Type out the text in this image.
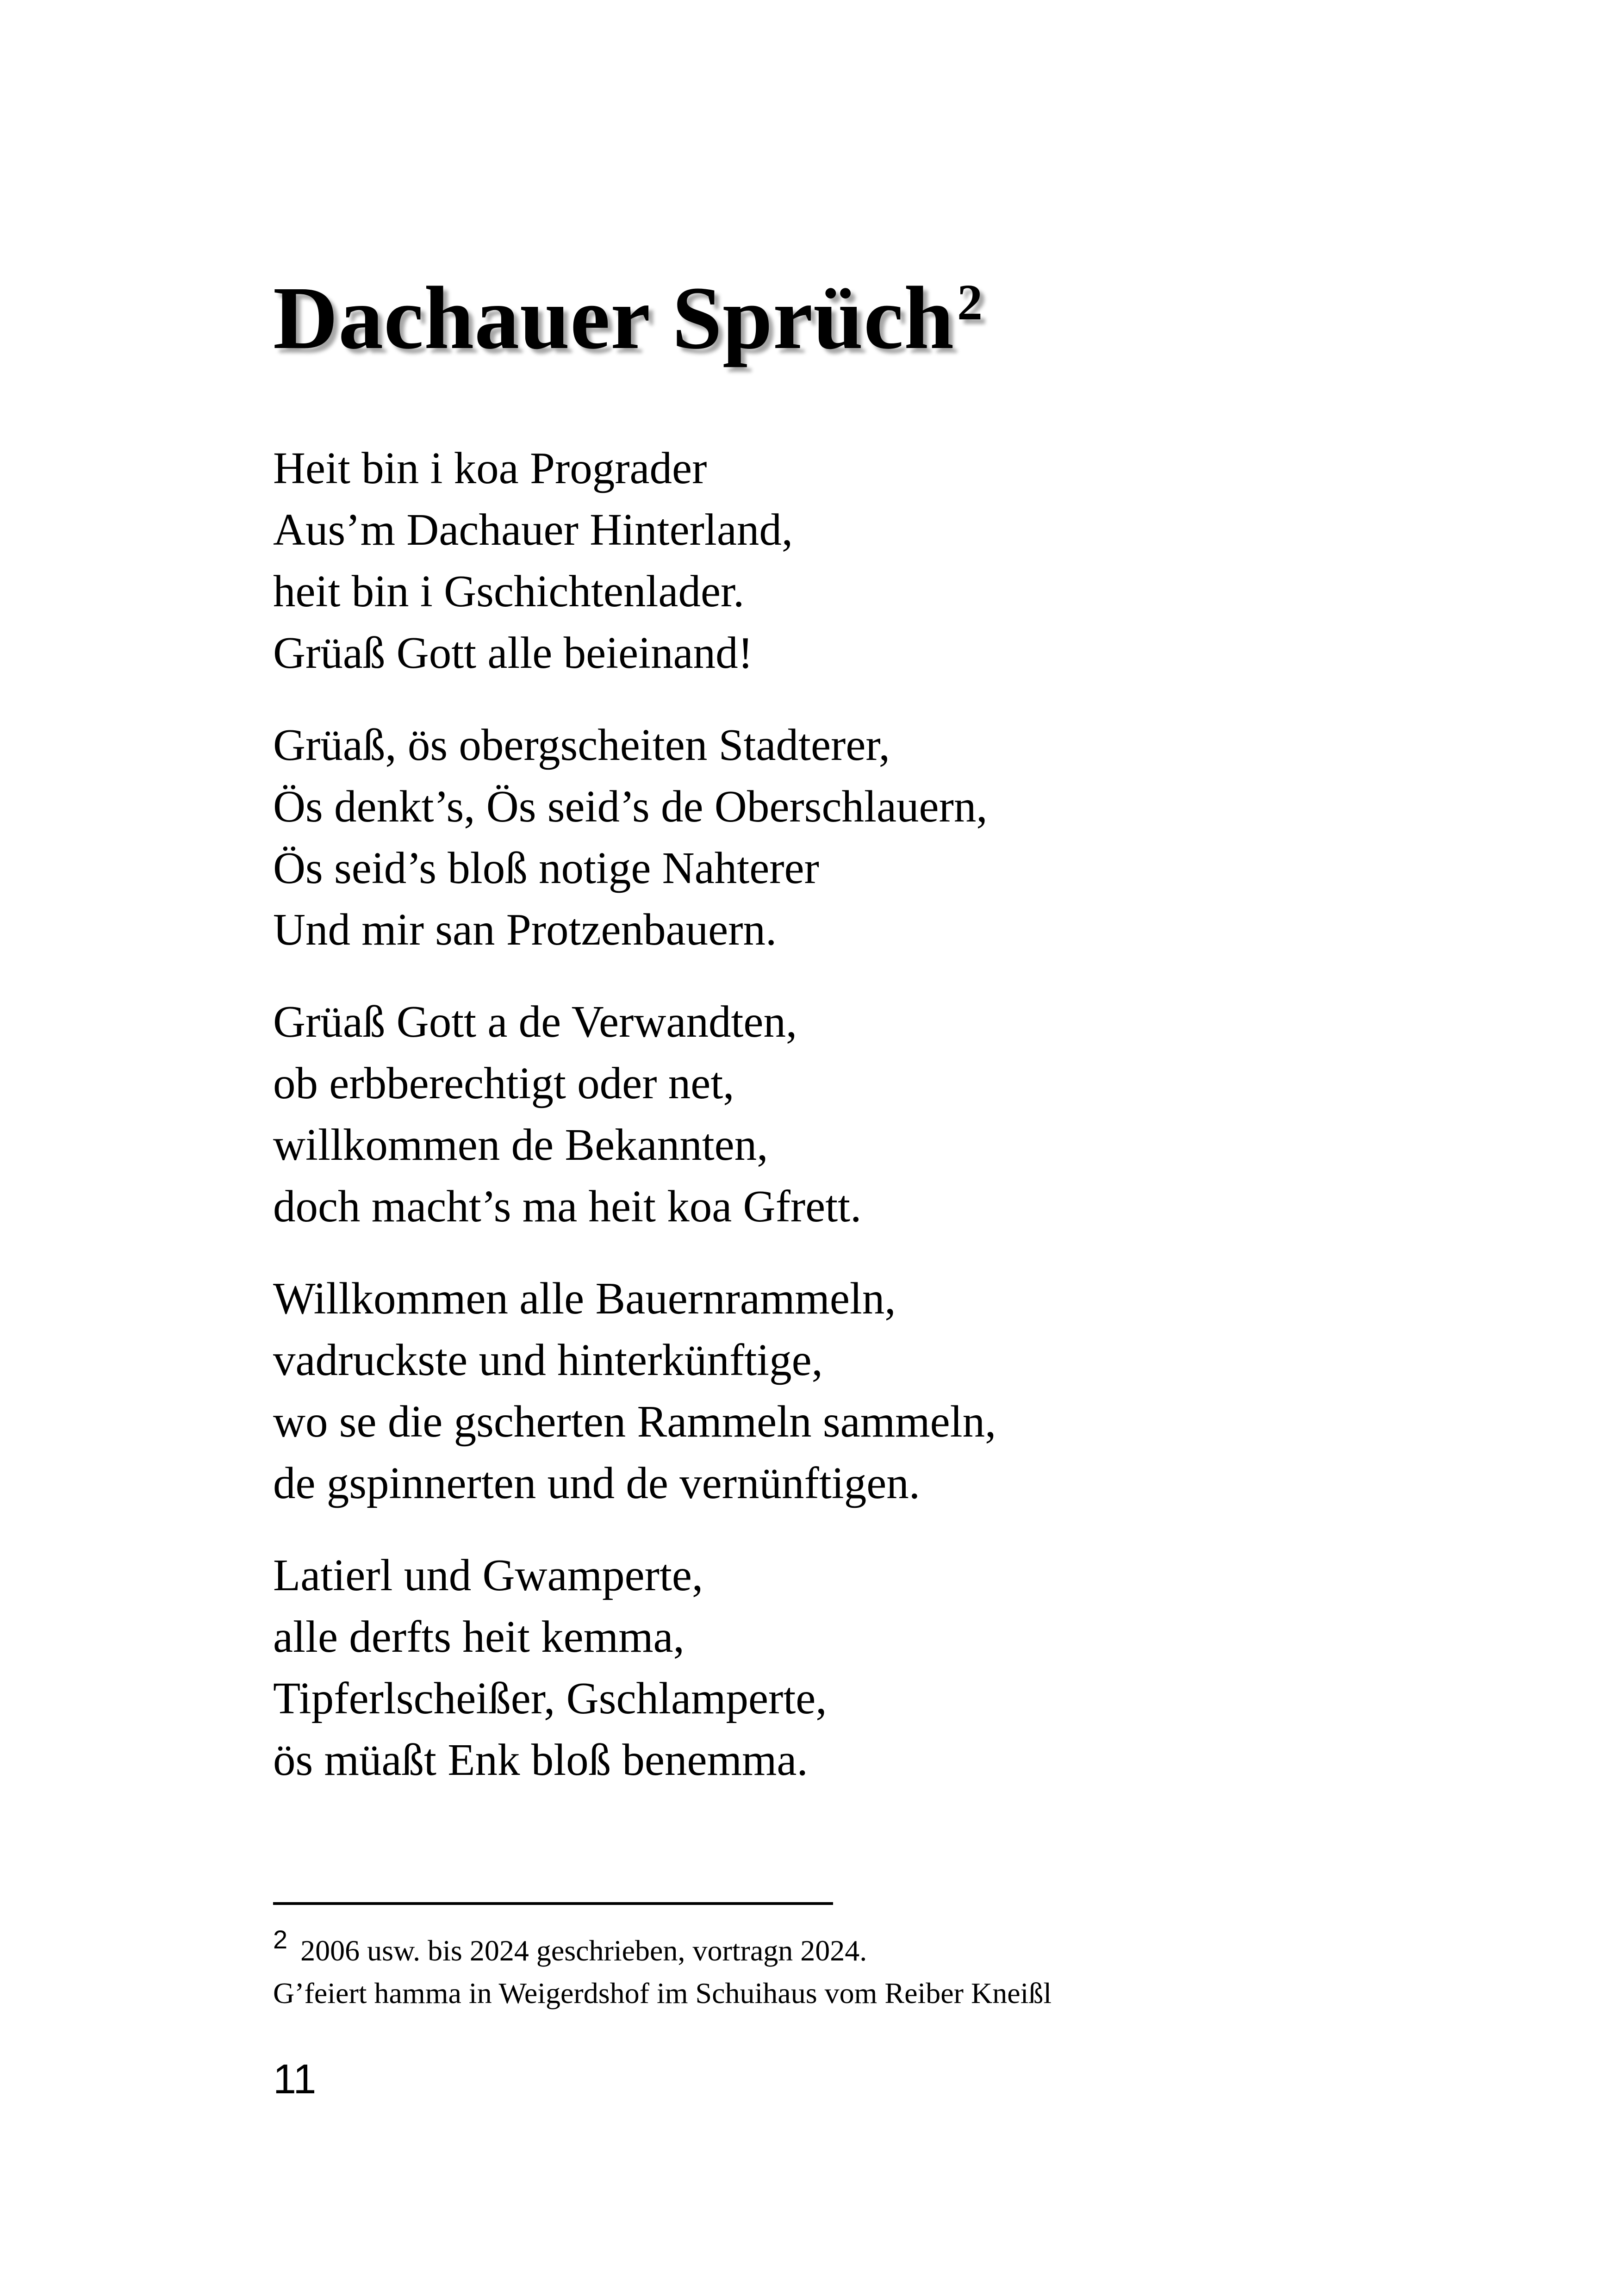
Dachauer Sprüch$^2$
Heit bin i koa Prograder
Aus’m Dachauer Hinterland,
heit bin i Gschichtenlader.
Grüaß Gott alle beieinand!
Grüaß, ös obergscheiten Stadterer,
Ös denkt’s, Ös seid’s de Oberschlauern,
Ös seid’s bloß notige Nahterer
Und mir san Protzenbauern.
Grüaß Gott a de Verwandten,
ob erbberechtigt oder net,
willkommen de Bekannten,
doch macht’s ma heit koa Gfrett.
Willkommen alle Bauernrammeln,
vadruckste und hinterkünftige,
wo se die gscherten Rammeln sammeln,
de gspinnerten und de vernünftigen.
Latierl und Gwamperte,
alle derfts heit kemma,
Tipferlscheißer, Gschlamperte,
ös müaßt Enk bloß benemma.
2 2006 usw. bis 2024 geschrieben, vortragn 2024.
G’feiert hamma in Weigerdshof im Schuihaus vom Reiber Kneißl
11
